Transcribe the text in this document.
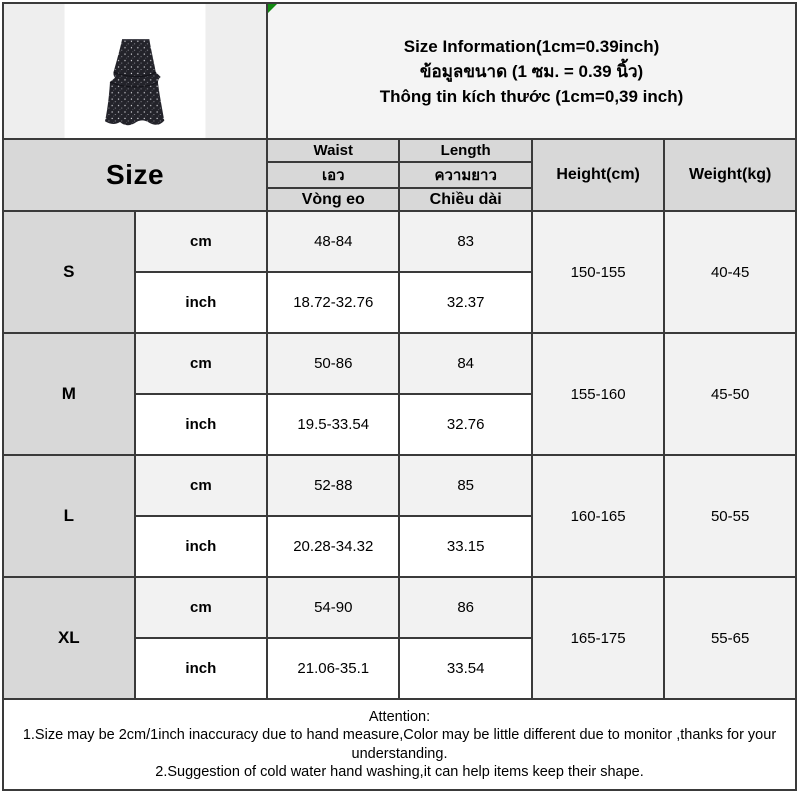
Size Information(1cm=0.39inch)
ข้อมูลขนาด (1 ซม. = 0.39 นิ้ว)
Thông tin kích thước (1cm=0,39 inch)			

Size		Waist	Length	Height(cm)	Weight(kg)
		เอว	ความยาว		
		Vòng eo	Chiều dài		
S	cm	48-84	83	150-155	40-45
	inch	18.72-32.76	32.37		
M	cm	50-86	84	155-160	45-50
	inch	19.5-33.54	32.76		
L	cm	52-88	85	160-165	50-55
	inch	20.28-34.32	33.15		
XL	cm	54-90	86	165-175	55-65
	inch	21.06-35.1	33.54		

Attention:
1.Size may be 2cm/1inch inaccuracy due to hand measure,Color may be little different due to monitor ,thanks for your understanding.
2.Suggestion of cold water hand washing,it can help items keep their shape.					
